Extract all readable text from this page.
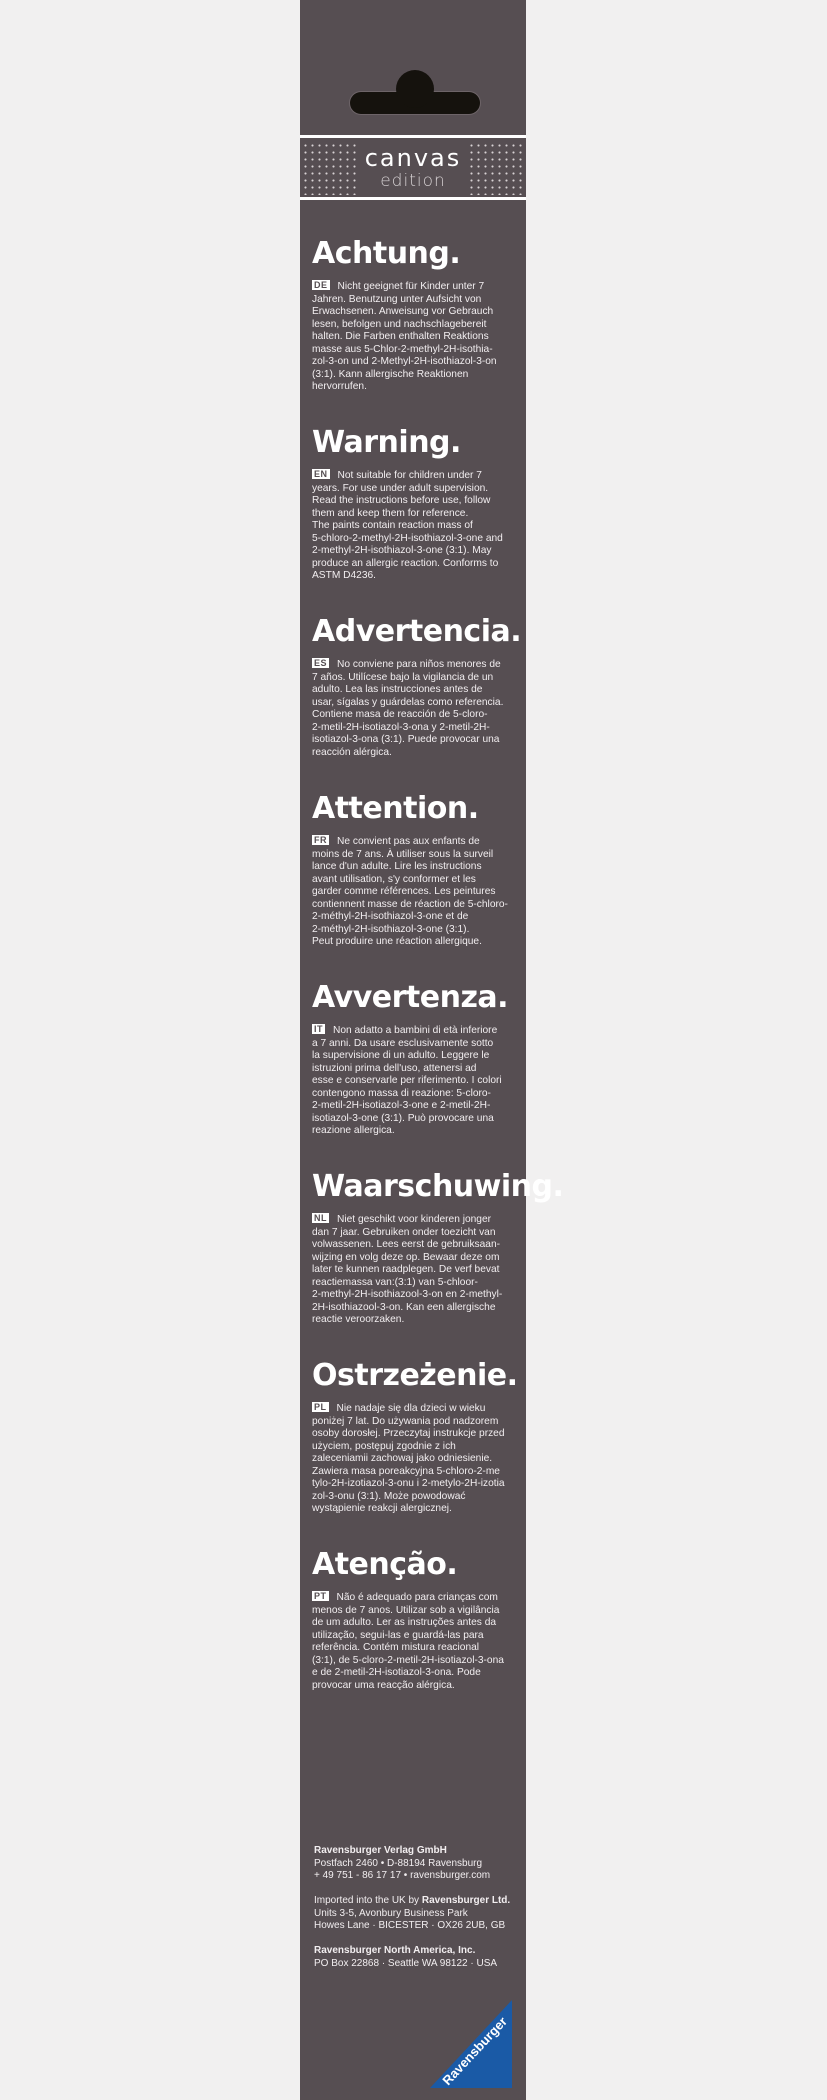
canvas
edition
Achtung.
DE Nicht geeignet für Kinder unter 7
Jahren. Benutzung unter Aufsicht von
Erwachsenen. Anweisung vor Gebrauch
lesen, befolgen und nachschlagebereit
halten. Die Farben enthalten Reaktions
masse aus 5-Chlor-2-methyl-2H-isothia-
zol-3-on und 2-Methyl-2H-isothiazol-3-on
(3:1). Kann allergische Reaktionen
hervorrufen.
Warning.
EN Not suitable for children under 7
years. For use under adult supervision.
Read the instructions before use, follow
them and keep them for reference.
The paints contain reaction mass of
5-chloro-2-methyl-2H-isothiazol-3-one and
2-methyl-2H-isothiazol-3-one (3:1). May
produce an allergic reaction. Conforms to
ASTM D4236.
Advertencia.
ES No conviene para niños menores de
7 años. Utilícese bajo la vigilancia de un
adulto. Lea las instrucciones antes de
usar, sígalas y guárdelas como referencia.
Contiene masa de reacción de 5-cloro-
2-metil-2H-isotiazol-3-ona y 2-metil-2H-
isotiazol-3-ona (3:1). Puede provocar una
reacción alérgica.
Attention.
FR Ne convient pas aux enfants de
moins de 7 ans. À utiliser sous la surveil
lance d'un adulte. Lire les instructions
avant utilisation, s'y conformer et les
garder comme références. Les peintures
contiennent masse de réaction de 5-chloro-
2-méthyl-2H-isothiazol-3-one et de
2-méthyl-2H-isothiazol-3-one (3:1).
Peut produire une réaction allergique.
Avvertenza.
IT Non adatto a bambini di età inferiore
a 7 anni. Da usare esclusivamente sotto
la supervisione di un adulto. Leggere le
istruzioni prima dell'uso, attenersi ad
esse e conservarle per riferimento. I colori
contengono massa di reazione: 5-cloro-
2-metil-2H-isotiazol-3-one e 2-metil-2H-
isotiazol-3-one (3:1). Può provocare una
reazione allergica.
Waarschuwing.
NL Niet geschikt voor kinderen jonger
dan 7 jaar. Gebruiken onder toezicht van
volwassenen. Lees eerst de gebruiksaan-
wijzing en volg deze op. Bewaar deze om
later te kunnen raadplegen. De verf bevat
reactiemassa van:(3:1) van 5-chloor-
2-methyl-2H-isothiazool-3-on en 2-methyl-
2H-isothiazool-3-on. Kan een allergische
reactie veroorzaken.
Ostrzeżenie.
PL Nie nadaje się dla dzieci w wieku
poniżej 7 lat. Do używania pod nadzorem
osoby dorosłej. Przeczytaj instrukcje przed
użyciem, postępuj zgodnie z ich
zaleceniamii zachowaj jako odniesienie.
Zawiera masa poreakcyjna 5-chloro-2-me
tylo-2H-izotiazol-3-onu i 2-metylo-2H-izotia
zol-3-onu (3:1). Może powodować
wystąpienie reakcji alergicznej.
Atenção.
PT Não é adequado para crianças com
menos de 7 anos. Utilizar sob a vigilância
de um adulto. Ler as instruções antes da
utilização, segui-las e guardá-las para
referência. Contém mistura reacional
(3:1), de 5-cloro-2-metil-2H-isotiazol-3-ona
e de 2-metil-2H-isotiazol-3-ona. Pode
provocar uma reacção alérgica.
Ravensburger Verlag GmbH
Postfach 2460 • D-88194 Ravensburg
+ 49 751 - 86 17 17 • ravensburger.com
Imported into the UK by Ravensburger Ltd.
Units 3-5, Avonbury Business Park
Howes Lane · BICESTER · OX26 2UB, GB
Ravensburger North America, Inc.
PO Box 22868 · Seattle WA 98122 · USA
Ravensburger
